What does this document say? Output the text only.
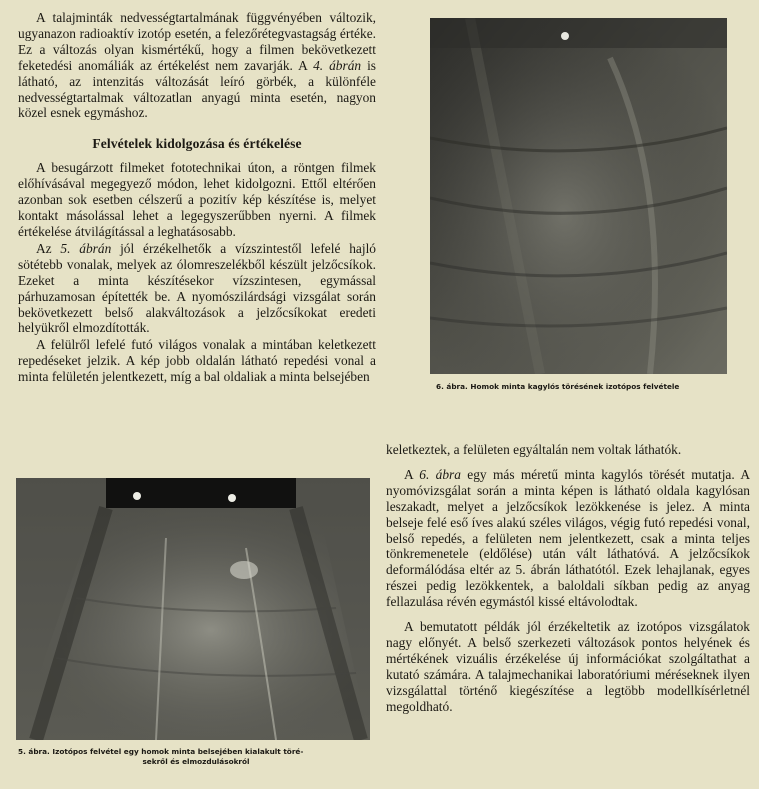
A talajminták nedvességtartalmának függvényében változik, ugyanazon radioaktív izotóp esetén, a felezőrétegvastagság értéke. Ez a változás olyan kismértékű, hogy a filmen bekövetkezett feketedési anomáliák az értékelést nem zavarják. A 4. ábrán is látható, az intenzitás változását leíró görbék, a különféle nedvességtartalmak változatlan anyagú minta esetén, nagyon közel esnek egymáshoz.

Felvételek kidolgozása és értékelése

A besugárzott filmeket fototechnikai úton, a röntgen filmek előhívásával megegyező módon, lehet kidolgozni. Ettől eltérően azonban sok esetben célszerű a pozitív kép készítése is, melyet kontakt másolással lehet a legegyszerűbben nyerni. A filmek értékelése átvilágítással a leghatásosabb.

Az 5. ábrán jól érzékelhetők a vízszintestől lefelé hajló sötétebb vonalak, melyek az ólomreszelékből készült jelzőcsíkok. Ezeket a minta készítésekor vízszintesen, egymással párhuzamosan építették be. A nyomószilárdsági vizsgálat során bekövetkezett belső alakváltozások a jelzőcsíkokat eredeti helyükről elmozdították.

A felülről lefelé futó világos vonalak a mintában keletkezett repedéseket jelzik. A kép jobb oldalán látható repedési vonal a minta felületén jelentkezett, míg a bal oldaliak a minta belsejében

6. ábra. Homok minta kagylós törésének izotópos felvétele

keletkeztek, a felületen egyáltalán nem voltak láthatók.

A 6. ábra egy más méretű minta kagylós törését mutatja. A nyomóvizsgálat során a minta képen is látható oldala kagylósan leszakadt, melyet a jelzőcsíkok lezökkenése is jelez. A minta belseje felé eső íves alakú széles világos, végig futó repedési vonal, belső repedés, a felületen nem jelentkezett, csak a minta teljes tönkremenetele (eldőlése) után vált láthatóvá. A jelzőcsíkok deformálódása eltér az 5. ábrán láthatótól. Ezek lehajlanak, egyes részei pedig lezökkentek, a baloldali síkban pedig az anyag fellazulása révén egymástól kissé eltávolodtak.

A bemutatott példák jól érzékeltetik az izotópos vizsgálatok nagy előnyét. A belső szerkezeti változások pontos helyének és mértékének vizuális érzékelése új információkat szolgáltathat a kutató számára. A talajmechanikai laboratóriumi méréseknek ilyen vizsgálattal történő kiegészítése a legtöbb modellkísérletnél megoldható.

5. ábra. Izotópos felvétel egy homok minta belsejében kialakult töré-
sekről és elmozdulásokról
